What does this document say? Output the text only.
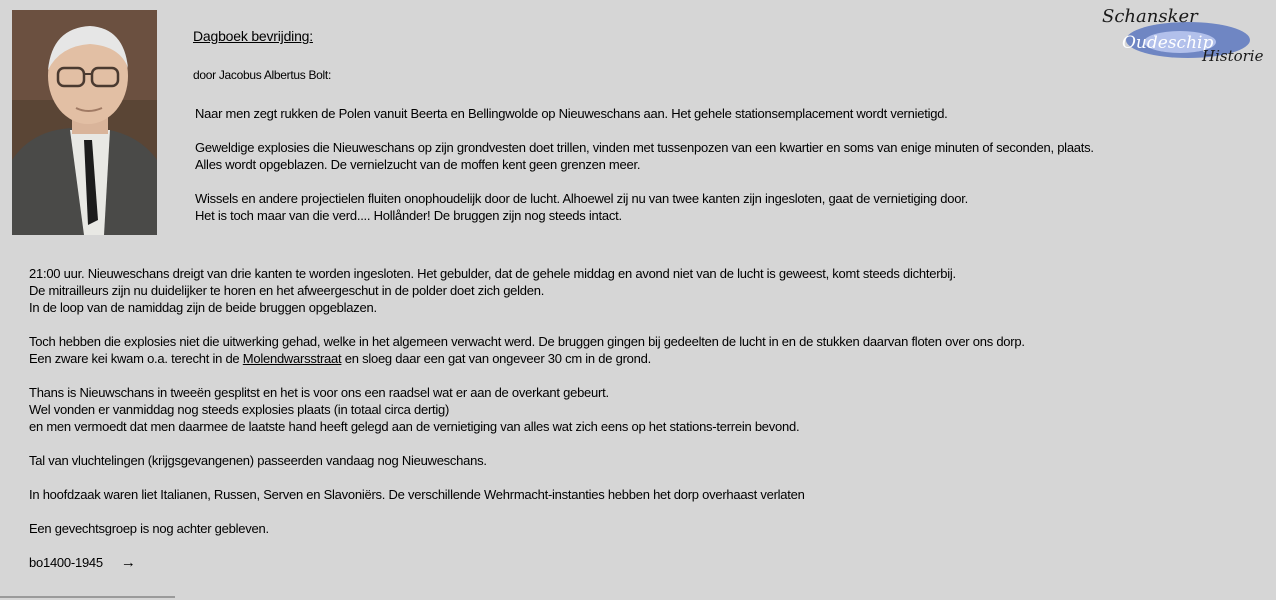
Schansker
Oudeschip
Historie
Dagboek bevrijding:
door Jacobus Albertus Bolt:

Naar men zegt rukken de Polen vanuit Beerta en Bellingwolde op Nieuweschans aan. Het gehele stationsemplacement wordt vernietigd.

Geweldige explosies die Nieuweschans op zijn grondvesten doet trillen, vinden met tussenpozen van een kwartier en soms van enige minuten of seconden, plaats.
Alles wordt opgeblazen. De vernielzucht van de moffen kent geen grenzen meer.

Wissels en andere projectielen fluiten onophoudelijk door de lucht. Alhoewel zij nu van twee kanten zijn ingesloten, gaat de vernietiging door.
Het is toch maar van die verd.... Hollånder! De bruggen zijn nog steeds intact.

21:00 uur. Nieuweschans dreigt van drie kanten te worden ingesloten. Het gebulder, dat de gehele middag en avond niet van de lucht is geweest, komt steeds dichterbij.
De mitrailleurs zijn nu duidelijker te horen en het afweergeschut in de polder doet zich gelden.
In de loop van de namiddag zijn de beide bruggen opgeblazen.

Toch hebben die explosies niet die uitwerking gehad, welke in het algemeen verwacht werd. De bruggen gingen bij gedeelten de lucht in en de stukken daarvan floten over ons dorp.
Een zware kei kwam o.a. terecht in de Molendwarsstraat en sloeg daar een gat van ongeveer 30 cm in de grond.

Thans is Nieuwschans in tweeën gesplitst en het is voor ons een raadsel wat er aan de overkant gebeurt.
Wel vonden er vanmiddag nog steeds explosies plaats (in totaal circa dertig)
en men vermoedt dat men daarmee de laatste hand heeft gelegd aan de vernietiging van alles wat zich eens op het stations-terrein bevond.

Tal van vluchtelingen (krijgsgevangenen) passeerden vandaag nog Nieuweschans.

In hoofdzaak waren liet Italianen, Russen, Serven en Slavoniërs. De verschillende Wehrmacht-instanties hebben het dorp overhaast verlaten

Een gevechtsgroep is nog achter gebleven.

bo1400-1945 →
